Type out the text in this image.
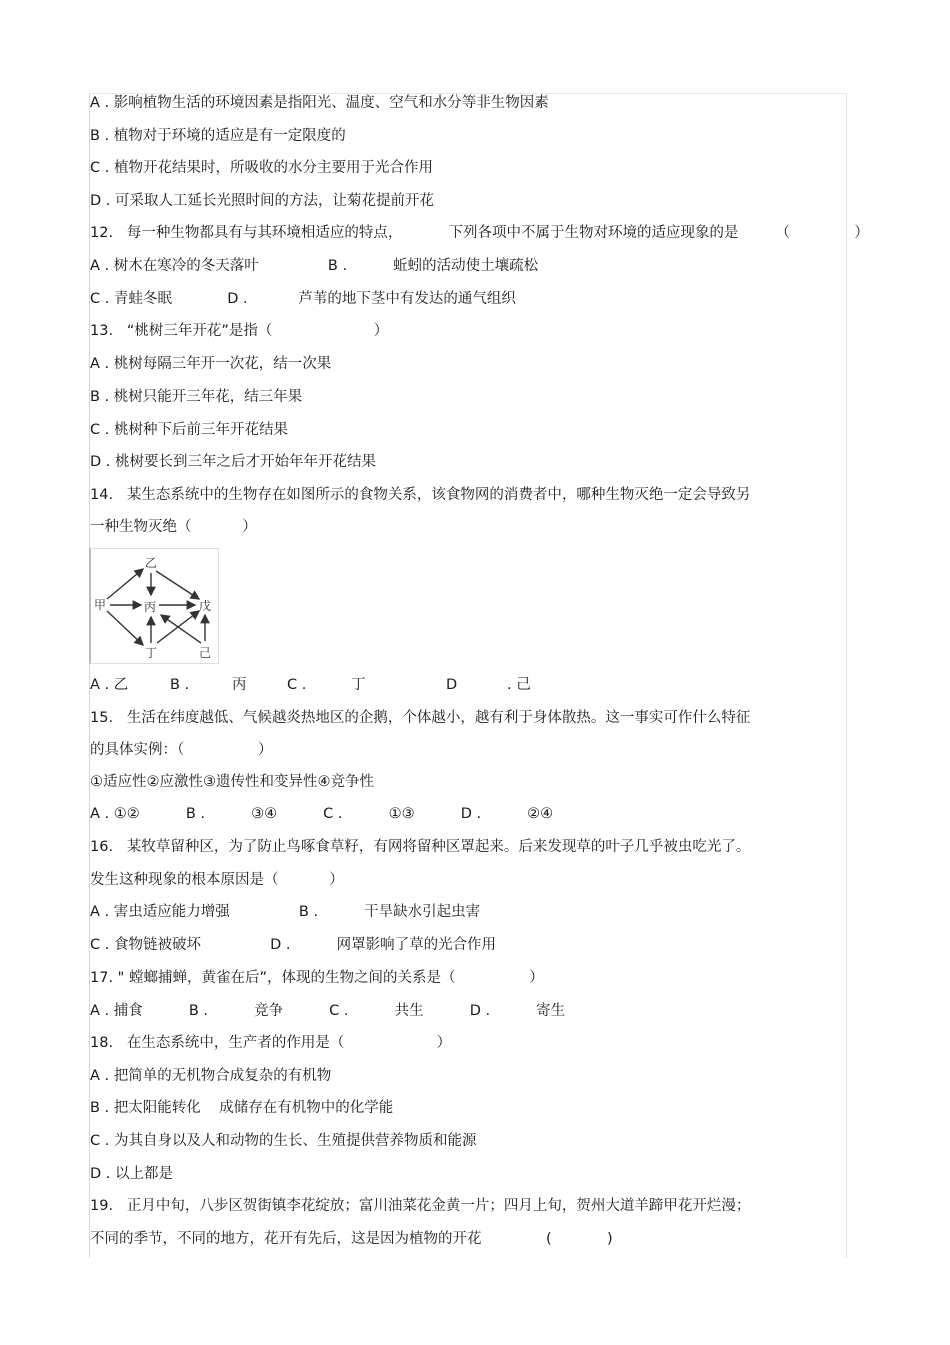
A . 影响植物生活的环境因素是指阳光、温度、空气和水分等非生物因素
B . 植物对于环境的适应是有一定限度的
C . 植物开花结果时，所吸收的水分主要用于光合作用
D . 可采取人工延长光照时间的方法，让菊花提前开花
12.   每一种生物都具有与其环境相适应的特点，          下列各项中不属于生物对环境的适应现象的是        （              ）
A . 树木在寒冷的冬天落叶               B .          蚯蚓的活动使土壤疏松
C . 青蛙冬眠            D .           芦苇的地下茎中有发达的通气组织
13.   “桃树三年开花”是指（                      ）
A . 桃树每隔三年开一次花，结一次果
B . 桃树只能开三年花，结三年果
C . 桃树种下后前三年开花结果
D . 桃树要长到三年之后才开始年年开花结果
14.   某生态系统中的生物存在如图所示的食物关系，该食物网的消费者中，哪种生物灭绝一定会导致另
一种生物灭绝（           ）
15.   生活在纬度越低、气候越炎热地区的企鹅，个体越小，越有利于身体散热。这一事实可作什么特征
的具体实例：（                ）
①适应性②应激性③遗传性和变异性④竞争性
A . ①②          B .          ③④          C .          ①③          D .          ②④
16.   某牧草留种区，为了防止鸟啄食草籽，有网将留种区罩起来。后来发现草的叶子几乎被虫吃光了。
发生这种现象的根本原因是（           ）
A . 害虫适应能力增强               B .          干旱缺水引起虫害
C . 食物链被破坏               D .          网罩影响了草的光合作用
17. " 螳螂捕蝉，黄雀在后”，体现的生物之间的关系是（                ）
A . 捕食          B .          竞争          C .          共生          D .          寄生
18.   在生态系统中，生产者的作用是（                    ）
A . 把简单的无机物合成复杂的有机物
B . 把太阳能转化    成储存在有机物中的化学能
C . 为其自身以及人和动物的生长、生殖提供营养物质和能源
D . 以上都是
19.   正月中旬，八步区贺街镇李花绽放；富川油菜花金黄一片；四月上旬，贺州大道羊蹄甲花开烂漫；
不同的季节，不同的地方，花开有先后，这是因为植物的开花              (            )
甲
乙
丙	戊
丁	己
A . 乙	B .	丙	C .	丁	D	. 己
